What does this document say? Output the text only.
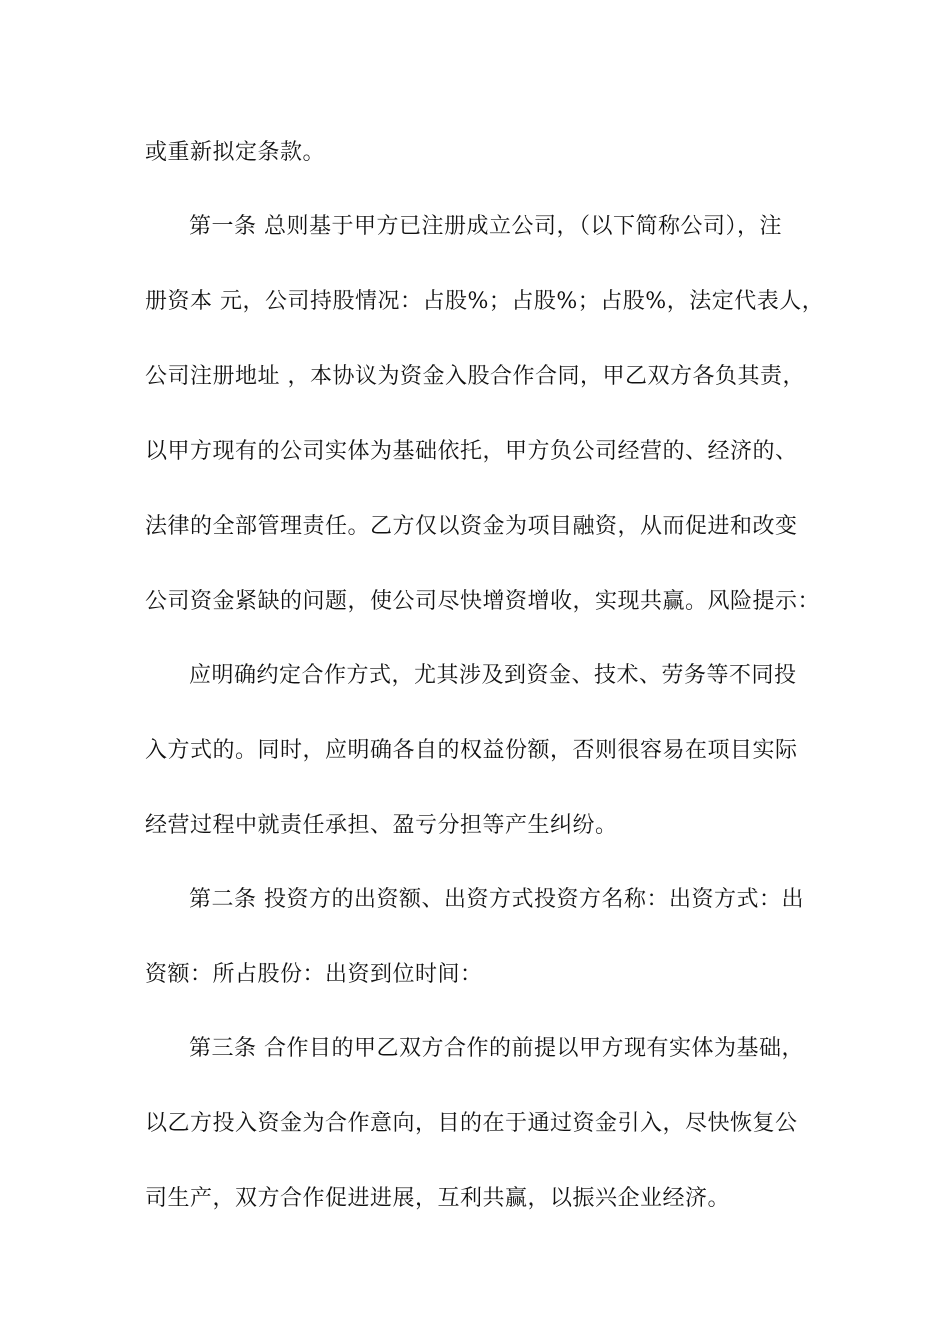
或重新拟定条款。
第一条 总则基于甲方已注册成立公司，（以下简称公司），注
册资本 元，公司持股情况：占股%；占股%；占股%，法定代表人，
公司注册地址 ，本协议为资金入股合作合同，甲乙双方各负其责，
以甲方现有的公司实体为基础依托，甲方负公司经营的、经济的、
法律的全部管理责任。乙方仅以资金为项目融资，从而促进和改变
公司资金紧缺的问题，使公司尽快增资增收，实现共赢。风险提示：
应明确约定合作方式，尤其涉及到资金、技术、劳务等不同投
入方式的。同时，应明确各自的权益份额，否则很容易在项目实际
经营过程中就责任承担、盈亏分担等产生纠纷。
第二条 投资方的出资额、出资方式投资方名称：出资方式：出
资额：所占股份：出资到位时间：
第三条 合作目的甲乙双方合作的前提以甲方现有实体为基础，
以乙方投入资金为合作意向，目的在于通过资金引入，尽快恢复公
司生产，双方合作促进进展，互利共赢，以振兴企业经济。
